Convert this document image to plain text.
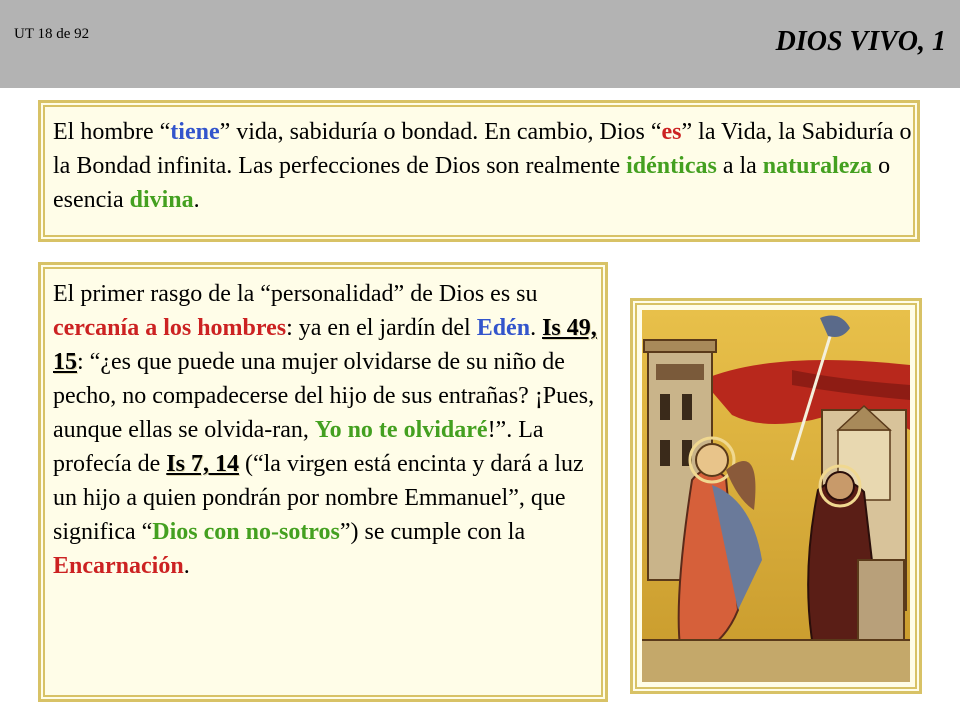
UT 18 de 92	DIOS VIVO, 1

El hombre “tiene” vida, sabiduría o bondad. En cambio, Dios “es” la Vida, la Sabiduría o la Bondad infinita. Las perfecciones de Dios son realmente idénticas a la naturaleza o esencia divina.

El primer rasgo de la “personalidad” de Dios es su cercanía a los hombres: ya en el jardín del Edén. Is 49, 15: “¿es que puede una mujer olvidarse de su niño de pecho, no compadecerse del hijo de sus entrañas? ¡Pues, aunque ellas se olvida-ran, Yo no te olvidaré!”. La profecía de Is 7, 14 (“la virgen está encinta y dará a luz un hijo a quien pondrán por nombre Emmanuel”, que significa “Dios con no-sotros”) se cumple con la Encarnación.
